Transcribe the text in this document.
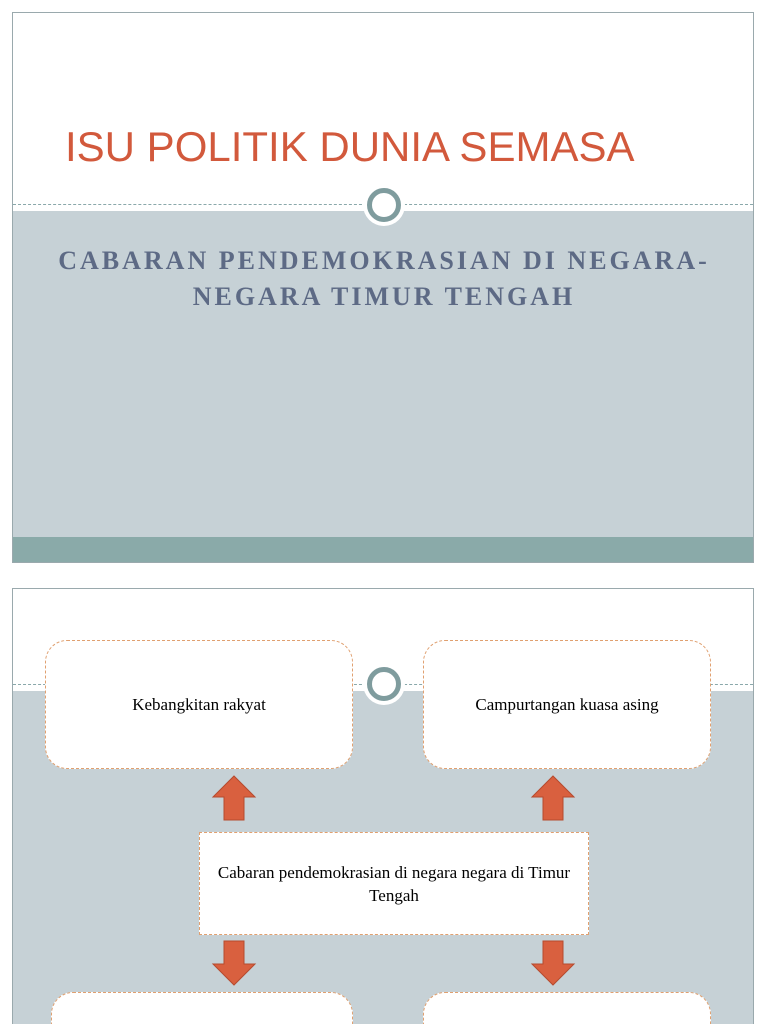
ISU POLITIK DUNIA SEMASA
CABARAN PENDEMOKRASIAN DI NEGARA-NEGARA TIMUR TENGAH
Kebangkitan rakyat	Campurtangan kuasa asing
Cabaran pendemokrasian di negara negara di Timur Tengah
